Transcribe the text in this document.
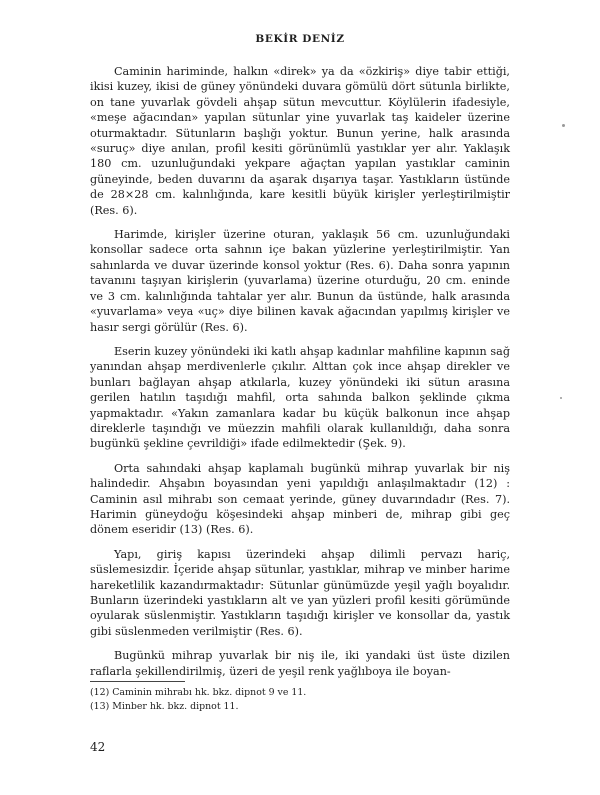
BEKİR DENİZ

Caminin hariminde, halkın «direk» ya da «özkiriş» diye tabir ettiği, ikisi kuzey, ikisi de güney yönündeki duvara gömülü dört sütunla birlikte, on tane yuvarlak gövdeli ahşap sütun mevcuttur. Köylülerin ifadesiyle, «meşe ağacından» yapılan sütunlar yine yuvarlak taş kaideler üzerine oturmaktadır. Sütunların başlığı yoktur. Bunun yerine, halk arasında «suruç» diye anılan, profil kesiti görünümlü yastıklar yer alır. Yaklaşık 180 cm. uzunluğundaki yekpare ağaçtan yapılan yastıklar caminin güneyinde, beden duvarını da aşarak dışarıya taşar. Yastıkların üstünde de 28×28 cm. kalınlığında, kare kesitli büyük kirişler yerleştirilmiştir (Res. 6).

Harimde, kirişler üzerine oturan, yaklaşık 56 cm. uzunluğundaki konsollar sadece orta sahnın içe bakan yüzlerine yerleştirilmiştir. Yan sahınlarda ve duvar üzerinde konsol yoktur (Res. 6). Daha sonra yapının tavanını taşıyan kirişlerin (yuvarlama) üzerine oturduğu, 20 cm. eninde ve 3 cm. kalınlığında tahtalar yer alır. Bunun da üstünde, halk arasında «yuvarlama» veya «uç» diye bilinen kavak ağacından yapılmış kirişler ve hasır sergi görülür (Res. 6).

Eserin kuzey yönündeki iki katlı ahşap kadınlar mahfiline kapının sağ yanından ahşap merdivenlerle çıkılır. Alttan çok ince ahşap direkler ve bunları bağlayan ahşap atkılarla, kuzey yönündeki iki sütun arasına gerilen hatılın taşıdığı mahfil, orta sahında balkon şeklinde çıkma yapmaktadır. «Yakın zamanlara kadar bu küçük balkonun ince ahşap direklerle taşındığı ve müezzin mahfili olarak kullanıldığı, daha sonra bugünkü şekline çevrildiği» ifade edilmektedir (Şek. 9).

Orta sahındaki ahşap kaplamalı bugünkü mihrap yuvarlak bir niş halindedir. Ahşabın boyasından yeni yapıldığı anlaşılmaktadır (12) : Caminin asıl mihrabı son cemaat yerinde, güney duvarındadır (Res. 7). Harimin güneydoğu köşesindeki ahşap minberi de, mihrap gibi geç dönem eseridir (13) (Res. 6).

Yapı, giriş kapısı üzerindeki ahşap dilimli pervazı hariç, süslemesizdir. İçeride ahşap sütunlar, yastıklar, mihrap ve minber harime hareketlilik kazandırmaktadır: Sütunlar günümüzde yeşil yağlı boyalıdır. Bunların üzerindeki yastıkların alt ve yan yüzleri profil kesiti görümünde oyularak süslenmiştir. Yastıkların taşıdığı kirişler ve konsollar da, yastık gibi süslenmeden verilmiştir (Res. 6).

Bugünkü mihrap yuvarlak bir niş ile, iki yandaki üst üste dizilen raflarla şekillendirilmiş, üzeri de yeşil renk yağlıboya ile boyan-

(12) Caminin mihrabı hk. bkz. dipnot 9 ve 11.

(13) Minber hk. bkz. dipnot 11.

42
